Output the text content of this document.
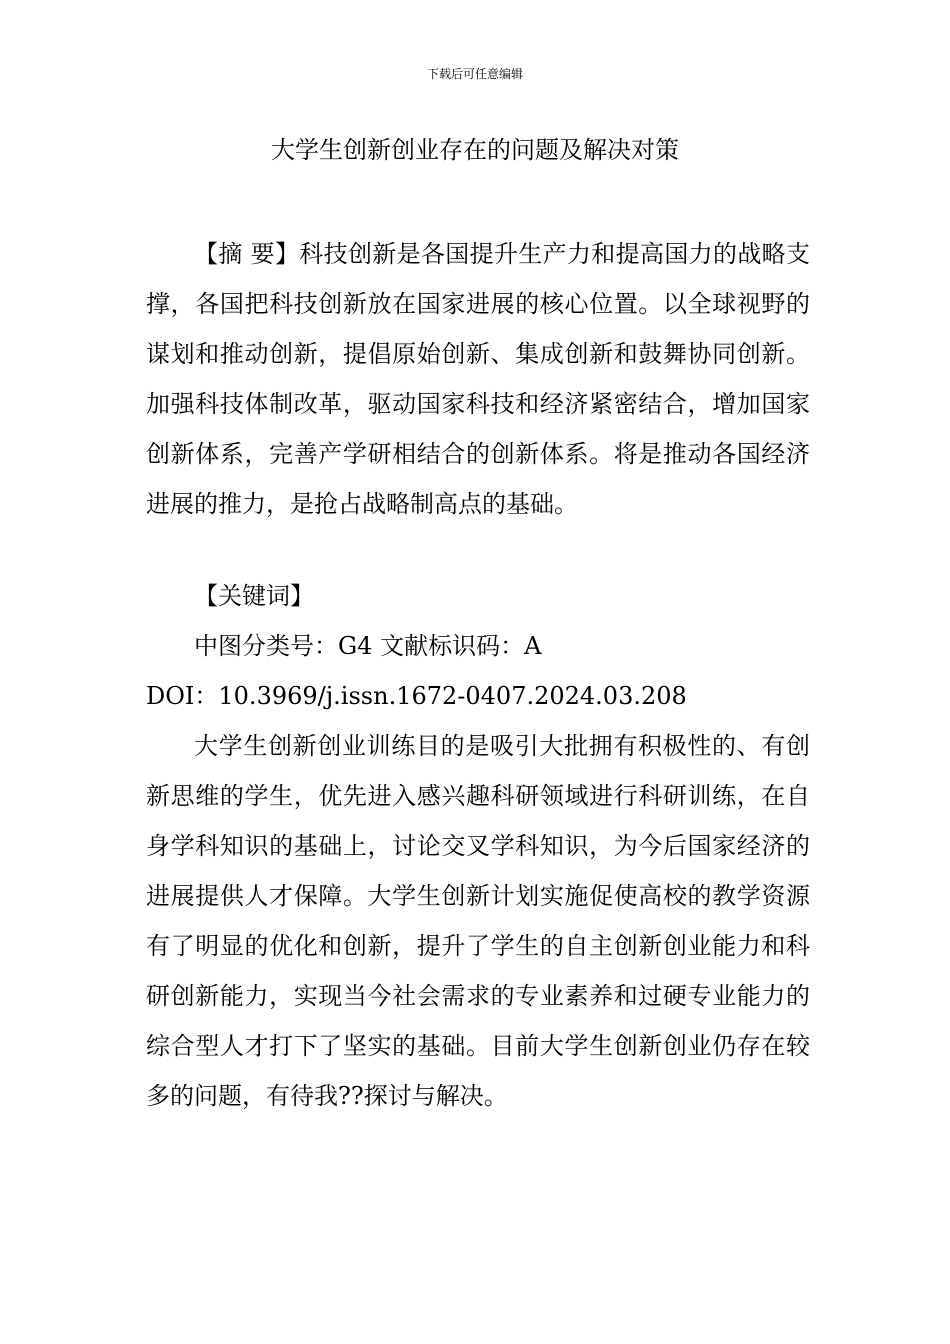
下载后可任意编辑
大学生创新创业存在的问题及解决对策

【摘 要】科技创新是各国提升生产力和提高国力的战略支撑，各国把科技创新放在国家进展的核心位置。以全球视野的谋划和推动创新，提倡原始创新、集成创新和鼓舞协同创新。加强科技体制改革，驱动国家科技和经济紧密结合，增加国家创新体系，完善产学研相结合的创新体系。将是推动各国经济进展的推力，是抢占战略制高点的基础。

【关键词】

中图分类号：G4 文献标识码：A

DOI：10.3969/j.issn.1672-0407.2024.03.208

大学生创新创业训练目的是吸引大批拥有积极性的、有创新思维的学生，优先进入感兴趣科研领域进行科研训练，在自身学科知识的基础上，讨论交叉学科知识，为今后国家经济的进展提供人才保障。大学生创新计划实施促使高校的教学资源有了明显的优化和创新，提升了学生的自主创新创业能力和科研创新能力，实现当今社会需求的专业素养和过硬专业能力的综合型人才打下了坚实的基础。目前大学生创新创业仍存在较多的问题，有待我??探讨与解决。
